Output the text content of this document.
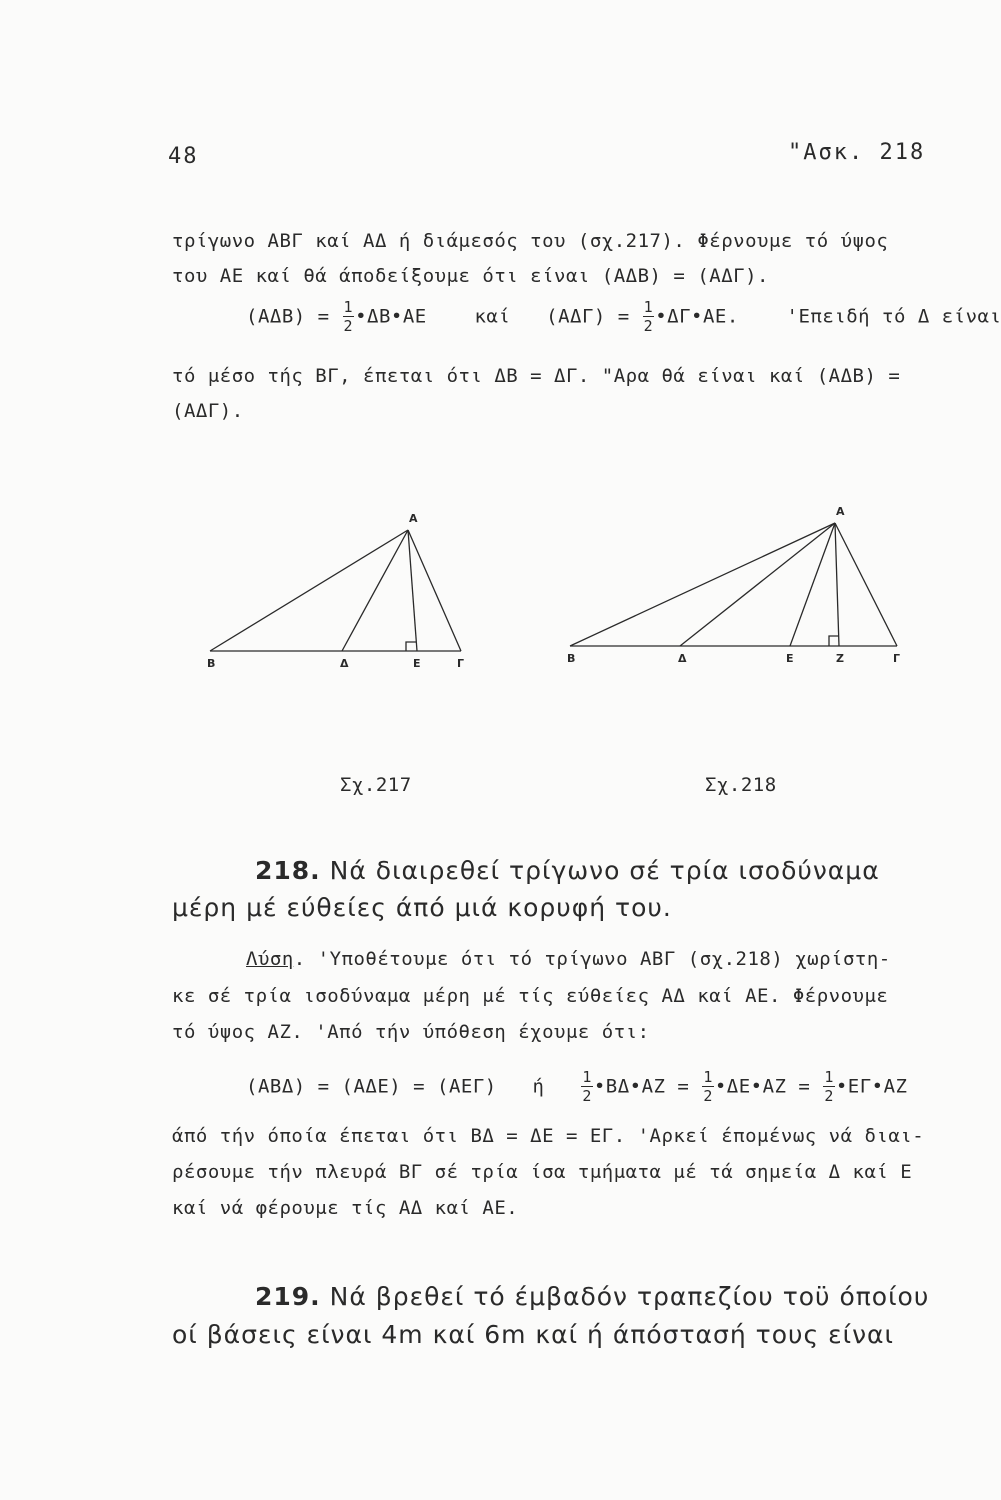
48	"Ασκ. 218
τρίγωνο ΑΒΓ καί ΑΔ ή διάμεσός του (σχ.217). Φέρνουμε τό ύψος
του ΑΕ καί θά άποδείξουμε ότι είναι (ΑΔΒ) = (ΑΔΓ).
$(A\Delta B) = \frac{1}{2}$ •ΔΒ•ΑΕ	καί $(A\Delta\Gamma) = \frac{1}{2}$ •ΔΓ•ΑΕ.	'Επειδή τό Δ είναι
τό μέσο τής ΒΓ, έπεται ότι ΔΒ = ΔΓ. "Αρα θά είναι καί (ΑΔΒ) =
(ΑΔΓ).
Α
Β	Δ	Ε	Γ
Α
Β	Δ	Ε	Ζ	Γ
Σχ.217	Σχ.218
218. Νά διαιρεθεί τρίγωνο σέ τρία ισοδύναμα
μέρη μέ εύθείες άπό μιά κορυφή του.
Λύση. 'Υποθέτουμε ότι τό τρίγωνο ΑΒΓ (σχ.218) χωρίστη-
κε σέ τρία ισοδύναμα μέρη μέ τίς εύθείες ΑΔ καί ΑΕ. Φέρνουμε
τό ύψος ΑΖ. 'Από τήν ύπόθεση έχουμε ότι:
(ΑΒΔ) = (ΑΔΕ) = (ΑΕΓ) ή $\frac{1}{2}$ •ΒΔ•ΑΖ = $\frac{1}{2}$ •ΔΕ•ΑΖ = $\frac{1}{2}$ •ΕΓ•ΑΖ
άπό τήν όποία έπεται ότι ΒΔ = ΔΕ = ΕΓ. 'Αρκεί έπομένως νά διαι-
ρέσουμε τήν πλευρά ΒΓ σέ τρία ίσα τμήματα μέ τά σημεία Δ καί Ε
καί νά φέρουμε τίς ΑΔ καί ΑΕ.
219. Νά βρεθεί τό έμβαδόν τραπεζίου τοϋ όποίου
οί βάσεις είναι 4m καί 6m καί ή άπόστασή τους είναι
